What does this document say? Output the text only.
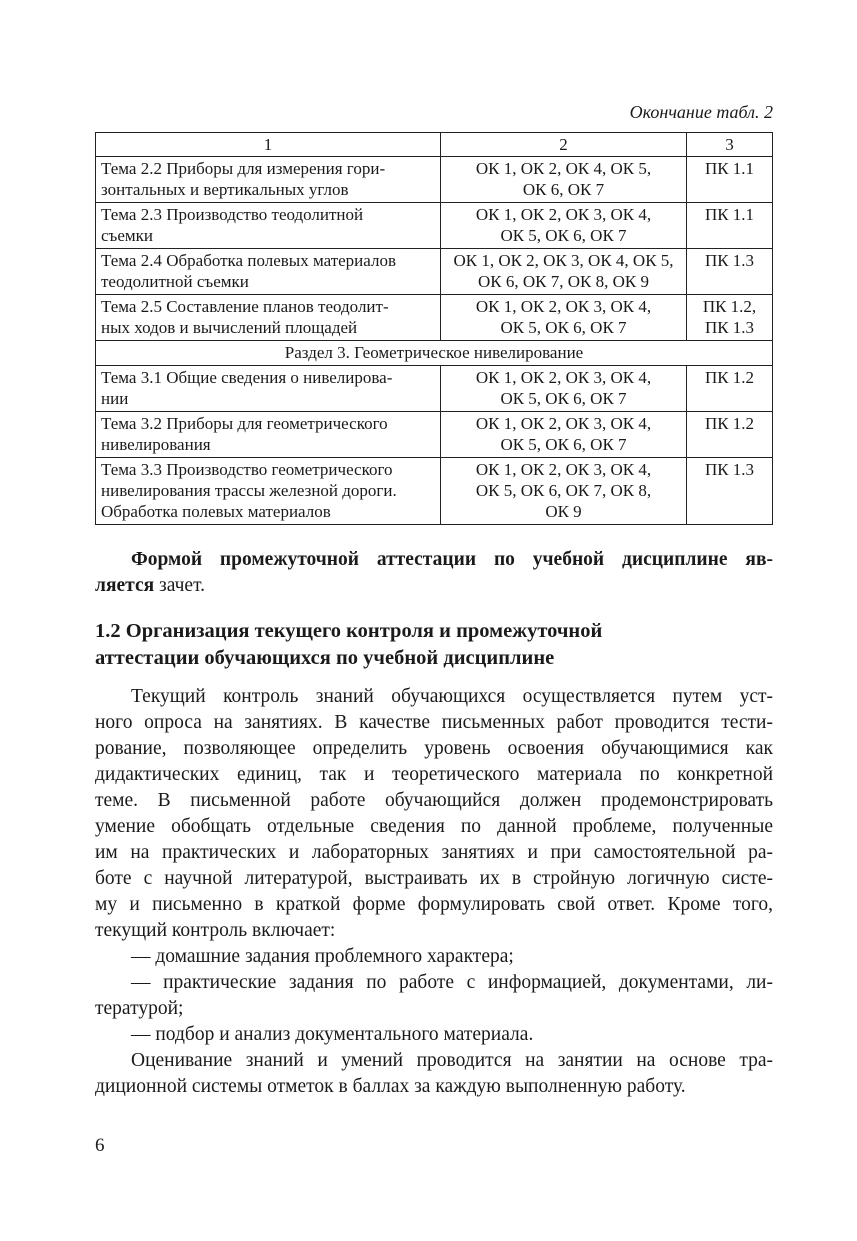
Окончание табл. 2
1	2	3

Тема 2.2 Приборы для измерения гори-
зонтальных и вертикальных углов	ОК 1, ОК 2, ОК 4, ОК 5,
ОК 6, ОК 7	ПК 1.1

Тема 2.3 Производство теодолитной
съемки	ОК 1, ОК 2, ОК 3, ОК 4,
ОК 5, ОК 6, ОК 7	ПК 1.1

Тема 2.4 Обработка полевых материалов
теодолитной съемки	ОК 1, ОК 2, ОК 3, ОК 4, ОК 5,
ОК 6, ОК 7, ОК 8, ОК 9	ПК 1.3

Тема 2.5 Составление планов теодолит-
ных ходов и вычислений площадей	ОК 1, ОК 2, ОК 3, ОК 4,
ОК 5, ОК 6, ОК 7	ПК 1.2,
ПК 1.3

Раздел 3. Геометрическое нивелирование		

Тема 3.1 Общие сведения о нивелирова-
нии	ОК 1, ОК 2, ОК 3, ОК 4,
ОК 5, ОК 6, ОК 7	ПК 1.2

Тема 3.2 Приборы для геометрического
нивелирования	ОК 1, ОК 2, ОК 3, ОК 4,
ОК 5, ОК 6, ОК 7	ПК 1.2

Тема 3.3 Производство геометрического
нивелирования трассы железной дороги.
Обработка полевых материалов	ОК 1, ОК 2, ОК 3, ОК 4,
ОК 5, ОК 6, ОК 7, ОК 8,
ОК 9	ПК 1.3
Формой промежуточной аттестации по учебной дисциплине яв-
ляется зачет.
1.2 Организация текущего контроля и промежуточной
аттестации обучающихся по учебной дисциплине
Текущий контроль знаний обучающихся осуществляется путем уст-
ного опроса на занятиях. В качестве письменных работ проводится тести-
рование, позволяющее определить уровень освоения обучающимися как
дидактических единиц, так и теоретического материала по конкретной
теме. В письменной работе обучающийся должен продемонстрировать
умение обобщать отдельные сведения по данной проблеме, полученные
им на практических и лабораторных занятиях и при самостоятельной ра-
боте с научной литературой, выстраивать их в стройную логичную систе-
му и письменно в краткой форме формулировать свой ответ. Кроме того,
текущий контроль включает:
— домашние задания проблемного характера;
— практические задания по работе с информацией, документами, ли-
тературой;
— подбор и анализ документального материала.
Оценивание знаний и умений проводится на занятии на основе тра-
диционной системы отметок в баллах за каждую выполненную работу.
6
